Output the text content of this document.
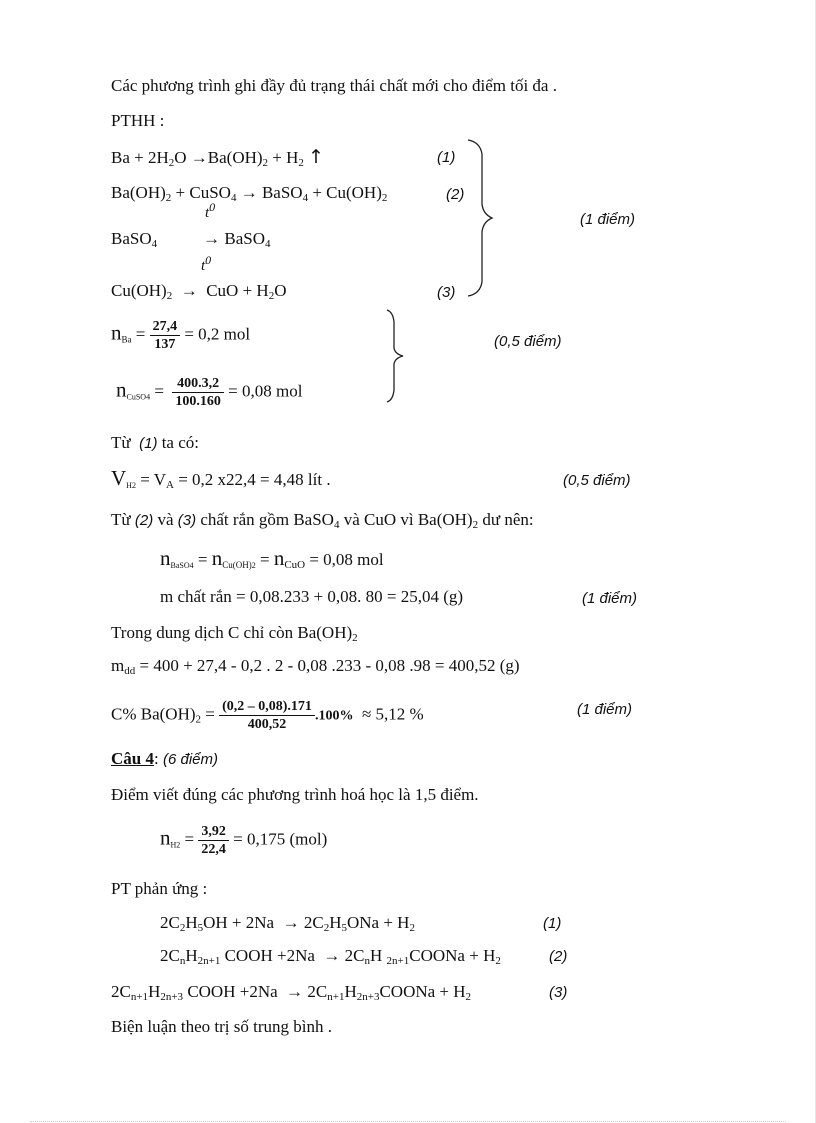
Các phương trình ghi đầy đủ trạng thái chất mới cho điểm tối đa .
PTHH :
$Ba + 2H_2O \to Ba(OH)_2 + H_2$ ↑	(1)
$Ba(OH)_2$ + CuSO$_4$ → BaSO$_4$ + $Cu(OH)_2$	(2)
$t^0$
BaSO$_4$	→ BaSO$_4$
$t^0$
$Cu(OH)_2$  →  CuO + $H_2O$	(3)
(1 điểm)
$n_{Ba} = \frac{27,4}{137} = 0,2$ mol
$n_{CuSO4} = \frac{400.3,2}{100.160} = 0,08$ mol
(0,5 điểm)
Từ (1) ta có:
$V_{H2} = V_A = 0,2$ x22,4 = 4,48 lít .	(0,5 điểm)
Từ (2) và (3) chất rắn gồm BaSO$_4$ và CuO vì $Ba(OH)_2$ dư nên:
$n_{BaSO4} = n_{Cu(OH)2} = n_{CuO} = 0,08$ mol
m chất rắn = 0,08.233 + 0,08. 80 = 25,04 (g)	(1 điểm)
Trong dung dịch C chỉ còn $Ba(OH)_2$
$m_{dd} = 400 + 27,4 - 0,2$ . 2 - 0,08 .233 - 0,08 .98 = 400,52 (g)
C% $Ba(OH)_2 = \frac{(0,2 - 0,08).171}{400,52} .100\% \approx 5,12$ %	(1 điểm)
Câu 4: (6 điểm)
Điểm viết đúng các phương trình hoá học là 1,5 điểm.
$n_{H2} = \frac{3,92}{22,4} = 0,175$ (mol)
PT phản ứng :
$2C_2H_5OH + 2Na \to 2C_2H_5ONa + H_2$	(1)
$2C_nH_{2n+1}$ COOH $+2Na \to 2C_nH$ $_{2n+1}$COONa + $H_2$	(2)
$2C_{n+1}H_{2n+3}$ COOH $+2Na \to 2C_{n+1}H_{2n+3}COONa + H_2$	(3)
Biện luận theo trị số trung bình .
